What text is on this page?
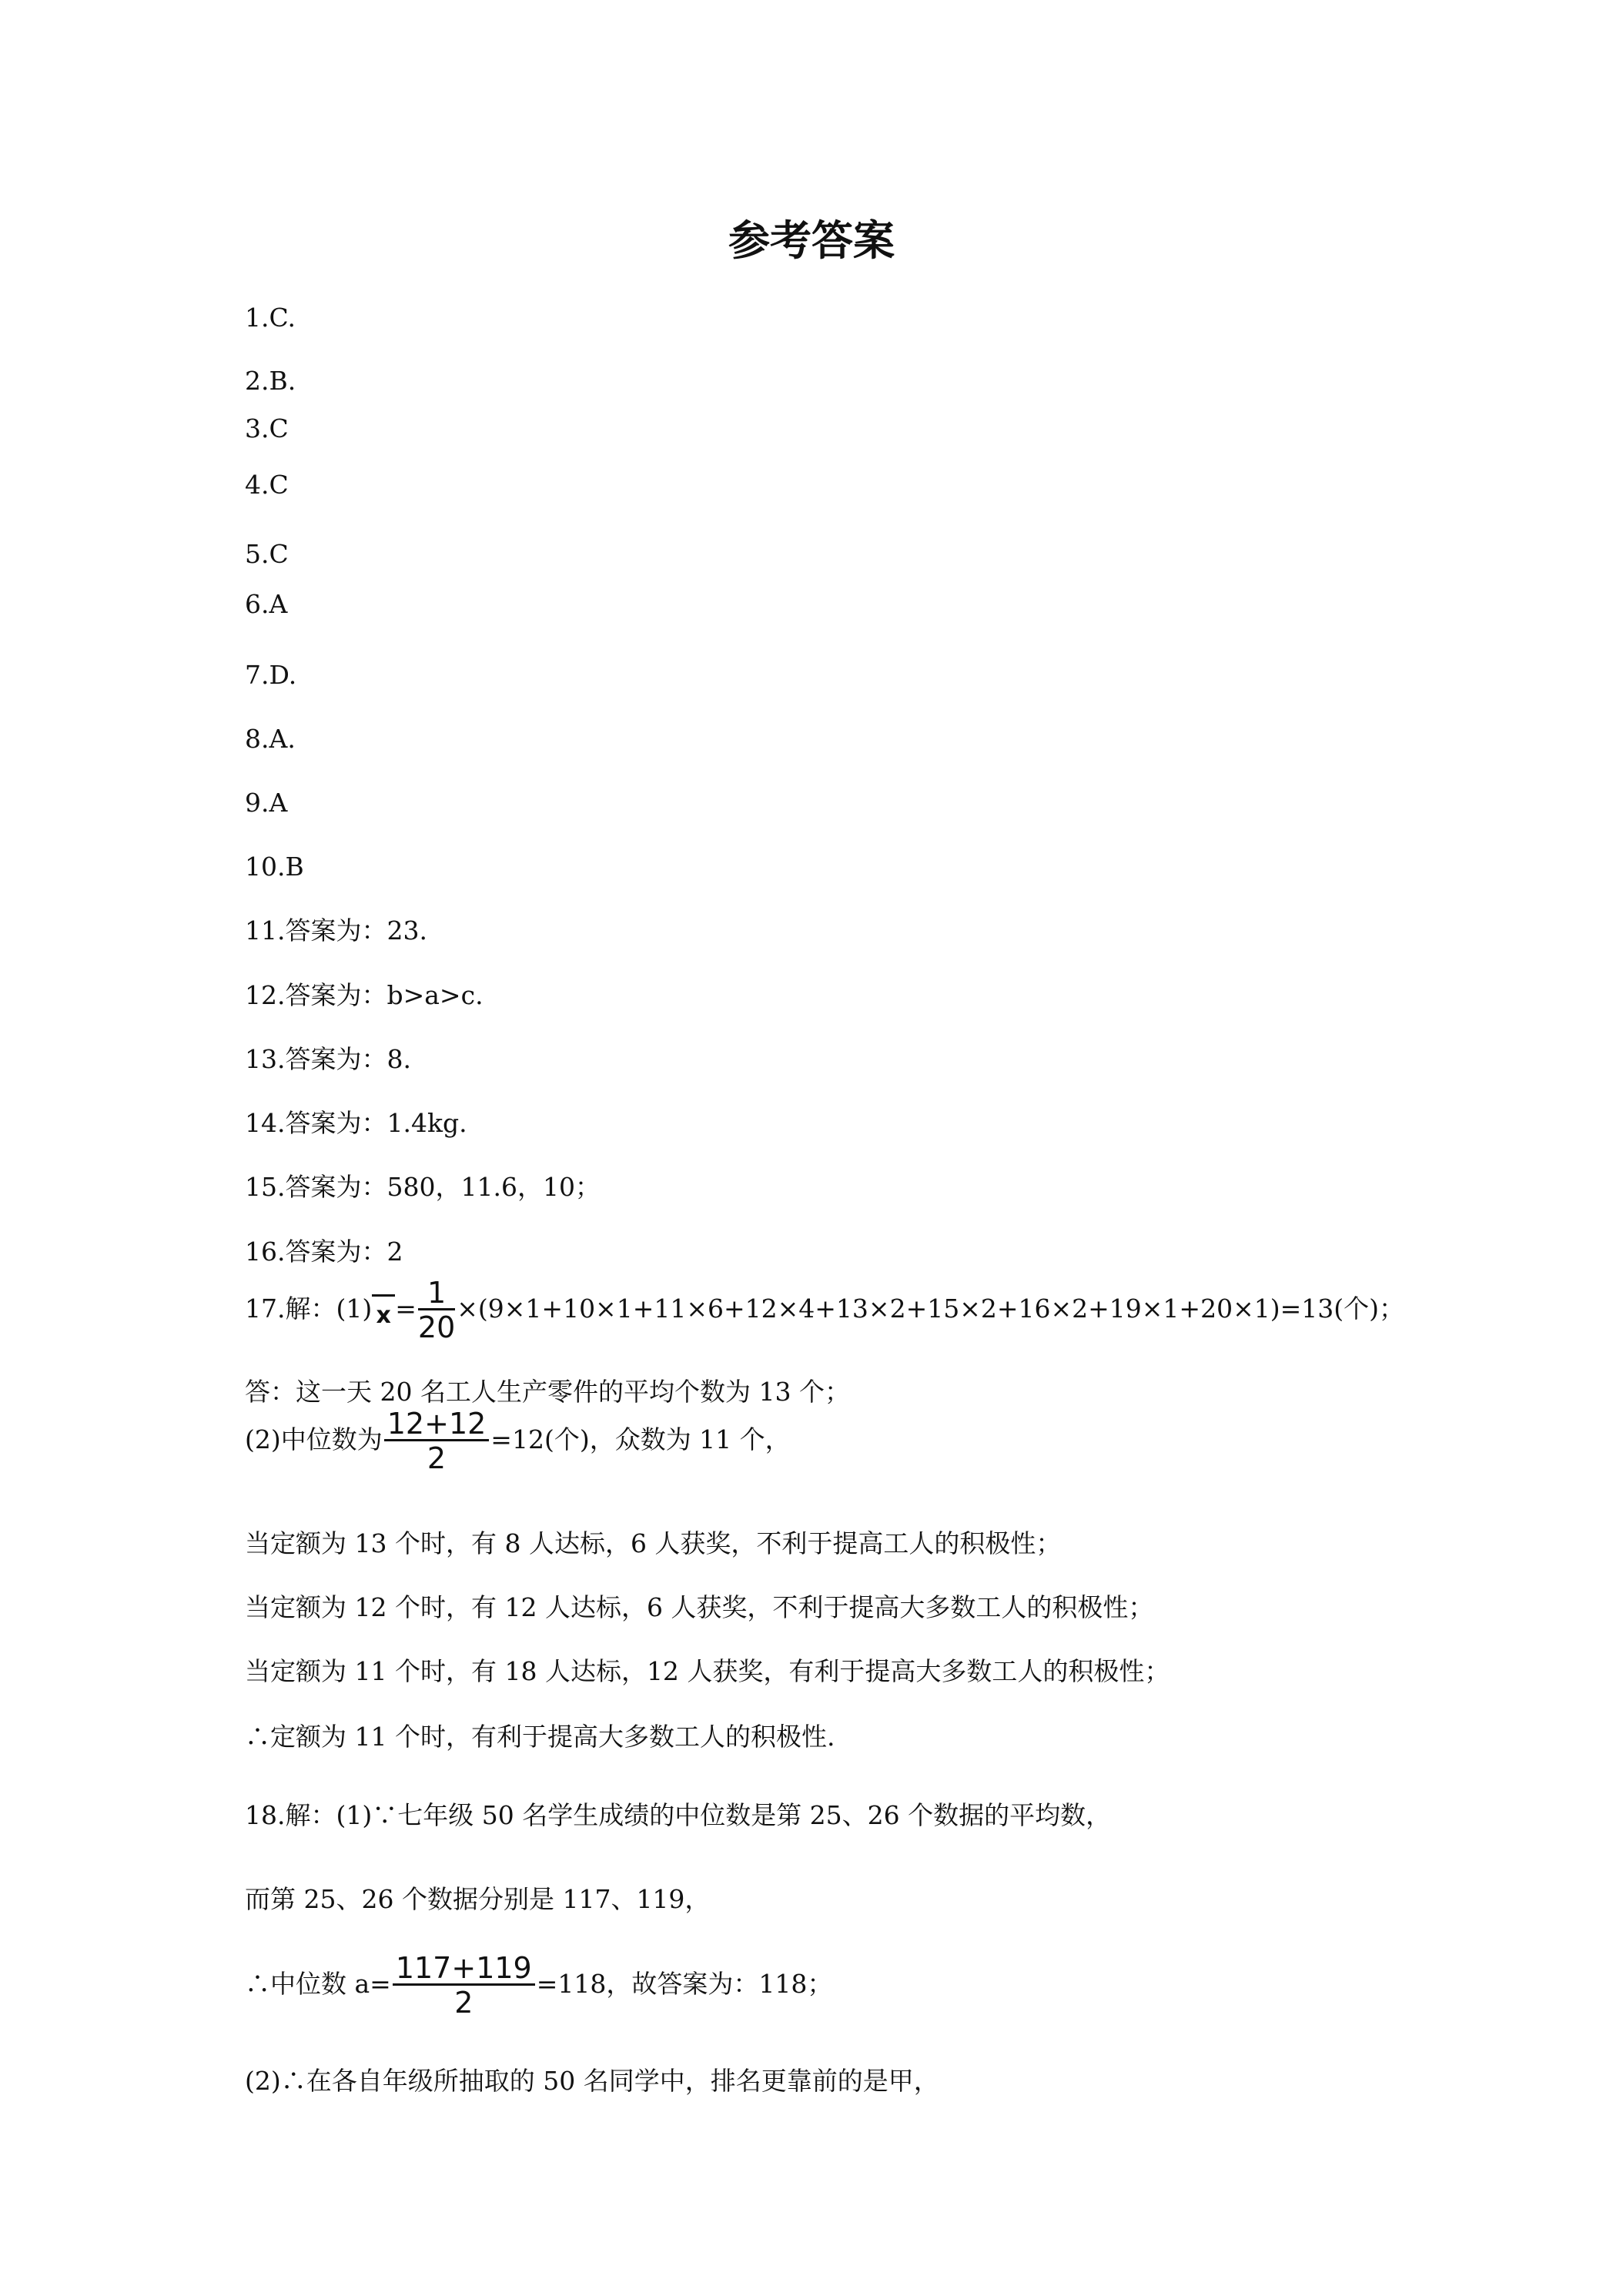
参考答案
1.C.
2.B.
3.C
4.C
5.C
6.A
7.D.
8.A.
9.A
10.B
11.答案为：23.
12.答案为：b>a>c.
13.答案为：8.
14.答案为：1.4kg.
15.答案为：580，11.6，10；
16.答案为：2
17.解：(1) $x = \frac{1}{20} \times(9\times 1+10\times 1+11\times 6+12\times 4+13\times 2+15\times 2+16\times 2+19\times 1+20\times 1)=13$(个)；
答：这一天 20 名工人生产零件的平均个数为 13 个；
(2)中位数为 $\frac{12+12}{2} =12$(个)，众数为 11 个，
当定额为 13 个时，有 8 人达标，6 人获奖，不利于提高工人的积极性；
当定额为 12 个时，有 12 人达标，6 人获奖，不利于提高大多数工人的积极性；
当定额为 11 个时，有 18 人达标，12 人获奖，有利于提高大多数工人的积极性；
∴定额为 11 个时，有利于提高大多数工人的积极性.
18.解：(1)∵七年级 50 名学生成绩的中位数是第 25、26 个数据的平均数，
而第 25、26 个数据分别是 117、119，
∴中位数 $a= \frac{117+119}{2} =118$，故答案为：118；
(2)∴在各自年级所抽取的 50 名同学中，排名更靠前的是甲，
